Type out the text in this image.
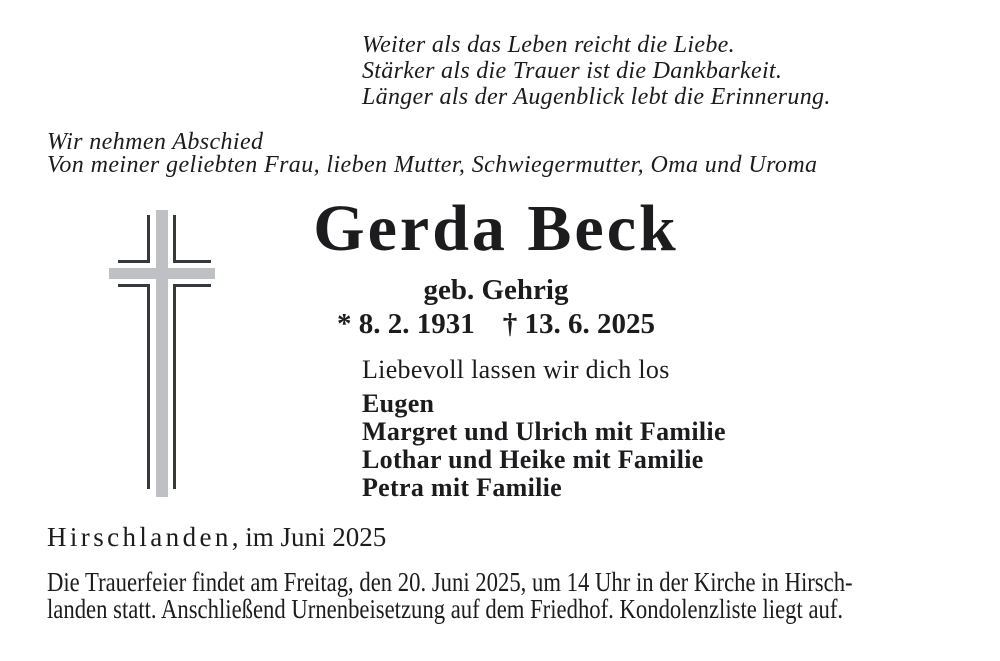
Weiter als das Leben reicht die Liebe.
Stärker als die Trauer ist die Dankbarkeit.
Länger als der Augenblick lebt die Erinnerung.
Wir nehmen Abschied
Von meiner geliebten Frau, lieben Mutter, Schwiegermutter, Oma und Uroma
Gerda Beck
geb. Gehrig
* 8. 2. 1931 † 13. 6. 2025
Liebevoll lassen wir dich los
Eugen
Margret und Ulrich mit Familie
Lothar und Heike mit Familie
Petra mit Familie
Hirschlanden, im Juni 2025
Die Trauerfeier findet am Freitag, den 20. Juni 2025, um 14 Uhr in der Kirche in Hirsch-
landen statt. Anschließend Urnenbeisetzung auf dem Friedhof. Kondolenzliste liegt auf.
